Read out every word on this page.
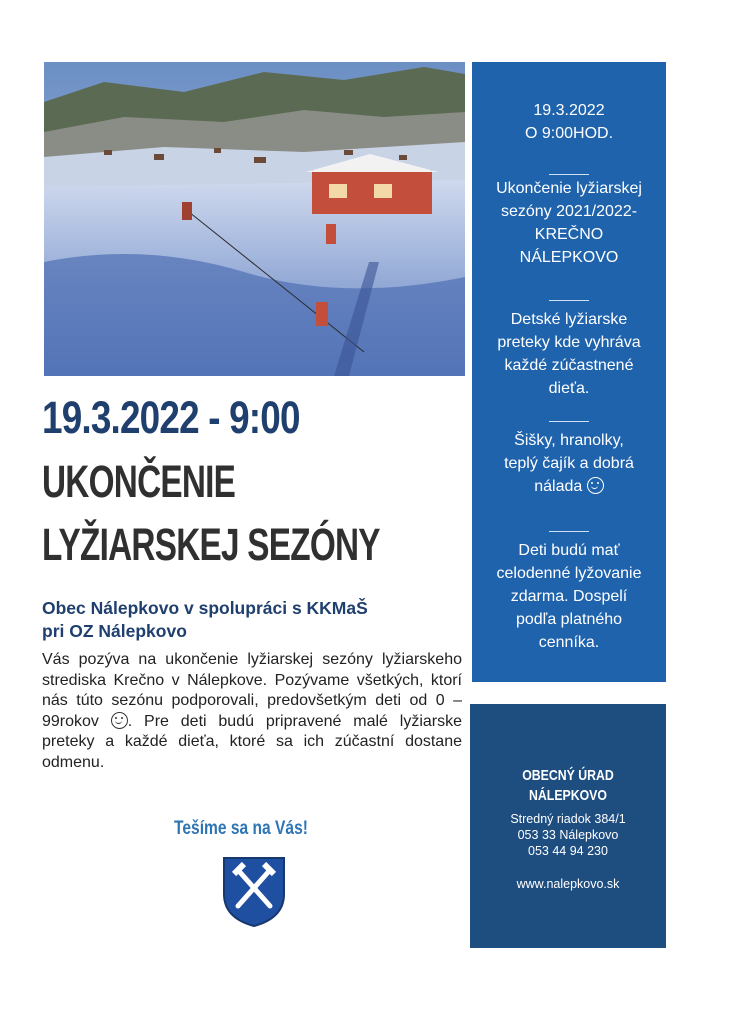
19.3.2022 - 9:00
UKONČENIE
LYŽIARSKEJ SEZÓNY
Obec Nálepkovo v spolupráci s KKMaŠ
pri OZ Nálepkovo
Vás pozýva na ukončenie lyžiarskej sezóny lyžiarskeho strediska Krečno v Nálepkove. Pozývame všetkých, ktorí nás túto sezónu podporovali, predovšetkým deti od 0 – 99rokov . Pre deti budú pripravené malé lyžiarske preteky a každé dieťa, ktoré sa ich zúčastní dostane odmenu.
Tešíme sa na Vás!
19.3.2022
O 9:00HOD.
Ukončenie lyžiarskej
sezóny 2021/2022-
KREČNO
NÁLEPKOVO
Detské lyžiarske
preteky kde vyhráva
každé zúčastnené
dieťa.
Šišky, hranolky,
teplý čajík a dobrá
nálada
Deti budú mať
celodenné lyžovanie
zdarma. Dospelí
podľa platného
cenníka.
OBECNÝ ÚRAD
NÁLEPKOVO
Stredný riadok 384/1
053 33 Nálepkovo
053 44 94 230
www.nalepkovo.sk
